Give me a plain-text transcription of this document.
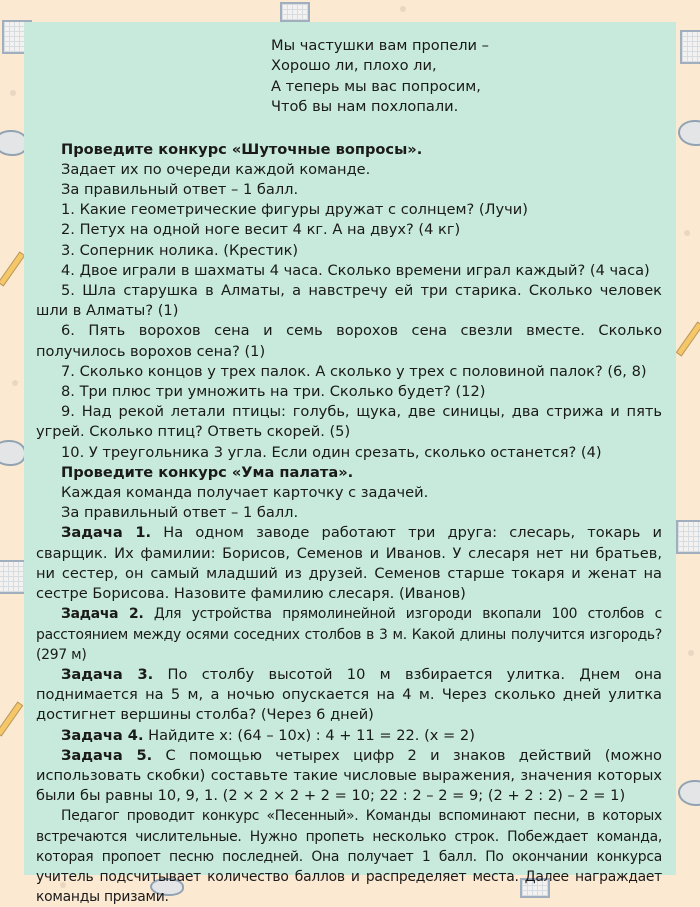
Мы частушки вам пропели –
Хорошо ли, плохо ли,
А теперь мы вас попросим,
Чтоб вы нам похлопали.

Проведите конкурс «Шуточные вопросы».

Задает их по очереди каждой команде.

За правильный ответ – 1 балл.

1. Какие геометрические фигуры дружат с солнцем? (Лучи)

2. Петух на одной ноге весит 4 кг. А на двух? (4 кг)

3. Соперник нолика. (Крестик)

4. Двое играли в шахматы 4 часа. Сколько времени играл каждый? (4 часа)

5. Шла старушка в Алматы, а навстречу ей три старика. Сколько человек шли в Алматы? (1)

6. Пять ворохов сена и семь ворохов сена свезли вместе. Сколько получилось ворохов сена? (1)

7. Сколько концов у трех палок. А сколько у трех с половиной палок? (6, 8)

8. Три плюс три умножить на три. Сколько будет? (12)

9. Над рекой летали птицы: голубь, щука, две синицы, два стрижа и пять угрей. Сколько птиц? Ответь скорей. (5)

10. У треугольника 3 угла. Если один срезать, сколько останется? (4)

Проведите конкурс «Ума палата».

Каждая команда получает карточку с задачей.

За правильный ответ – 1 балл.

Задача 1. На одном заводе работают три друга: слесарь, токарь и сварщик. Их фамилии: Борисов, Семенов и Иванов. У слесаря нет ни братьев, ни сестер, он самый младший из друзей. Семенов старше токаря и женат на сестре Борисова. Назовите фамилию слесаря. (Иванов)

Задача 2. Для устройства прямолинейной изгороди вкопали 100 столбов с расстоянием между осями соседних столбов в 3 м. Какой длины получится изгородь? (297 м)

Задача 3. По столбу высотой 10 м взбирается улитка. Днем она поднимается на 5 м, а ночью опускается на 4 м. Через сколько дней улитка достигнет вершины столба? (Через 6 дней)

Задача 4. Найдите х: (64 – 10х) : 4 + 11 = 22. (х = 2)

Задача 5. С помощью четырех цифр 2 и знаков действий (можно использовать скобки) составьте такие числовые выражения, значения которых были бы равны 10, 9, 1. (2 × 2 × 2 + 2 = 10; 22 : 2 – 2 = 9; (2 + 2 : 2) – 2 = 1)

Педагог проводит конкурс «Песенный». Команды вспоминают песни, в которых встречаются числительные. Нужно пропеть несколько строк. Побеждает команда, которая пропоет песню последней. Она получает 1 балл. По окончании конкурса учитель подсчитывает количество баллов и распределяет места. Далее награждает команды призами.
